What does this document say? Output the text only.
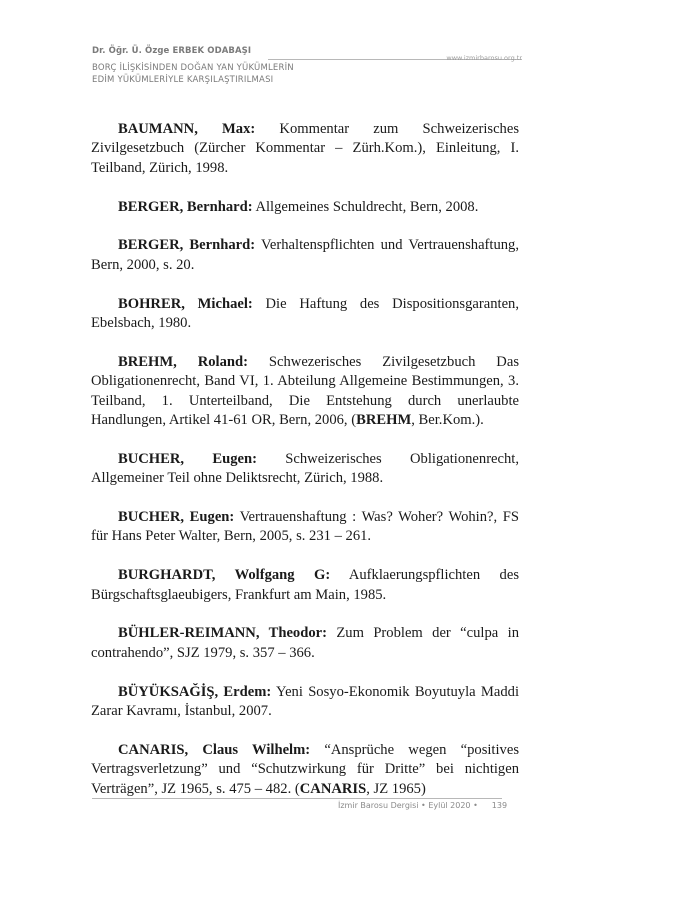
Dr. Öğr. Ü. Özge ERBEK ODABAŞI
www.izmirbarosu.org.tr
BORÇ İLİŞKİSİNDEN DOĞAN YAN YÜKÜMLERİN
EDİM YÜKÜMLERİYLE KARŞILAŞTIRILMASI

BAUMANN, Max: Kommentar zum Schweizerisches Zivilgesetzbuch (Zürcher Kommentar – Zürh.Kom.), Einleitung, I. Teilband, Zürich, 1998.

BERGER, Bernhard: Allgemeines Schuldrecht, Bern, 2008.

BERGER, Bernhard: Verhaltenspflichten und Vertrauenshaftung, Bern, 2000, s. 20.

BOHRER, Michael: Die Haftung des Dispositionsgaranten, Ebelsbach, 1980.

BREHM, Roland: Schwezerisches Zivilgesetzbuch Das Obligationenrecht, Band VI, 1. Abteilung Allgemeine Bestimmungen, 3. Teilband, 1. Unterteilband, Die Entstehung durch unerlaubte Handlungen, Artikel 41-61 OR, Bern, 2006, (BREHM, Ber.Kom.).

BUCHER, Eugen: Schweizerisches Obligationenrecht, Allgemeiner Teil ohne Deliktsrecht, Zürich, 1988.

BUCHER, Eugen: Vertrauenshaftung : Was? Woher? Wohin?, FS für Hans Peter Walter, Bern, 2005, s. 231 – 261.

BURGHARDT, Wolfgang G: Aufklaerungspflichten des Bürgschaftsglaeubigers, Frankfurt am Main, 1985.

BÜHLER-REIMANN, Theodor: Zum Problem der “culpa in contrahendo”, SJZ 1979, s. 357 – 366.

BÜYÜKSAĞİŞ, Erdem: Yeni Sosyo-Ekonomik Boyutuyla Maddi Zarar Kavramı, İstanbul, 2007.

CANARIS, Claus Wilhelm: “Ansprüche wegen “positives Vertragsverletzung” und “Schutzwirkung für Dritte” bei nichtigen Verträgen”, JZ 1965, s. 475 – 482. (CANARIS, JZ 1965)

İzmir Barosu Dergisi • Eylül 2020 • 139
